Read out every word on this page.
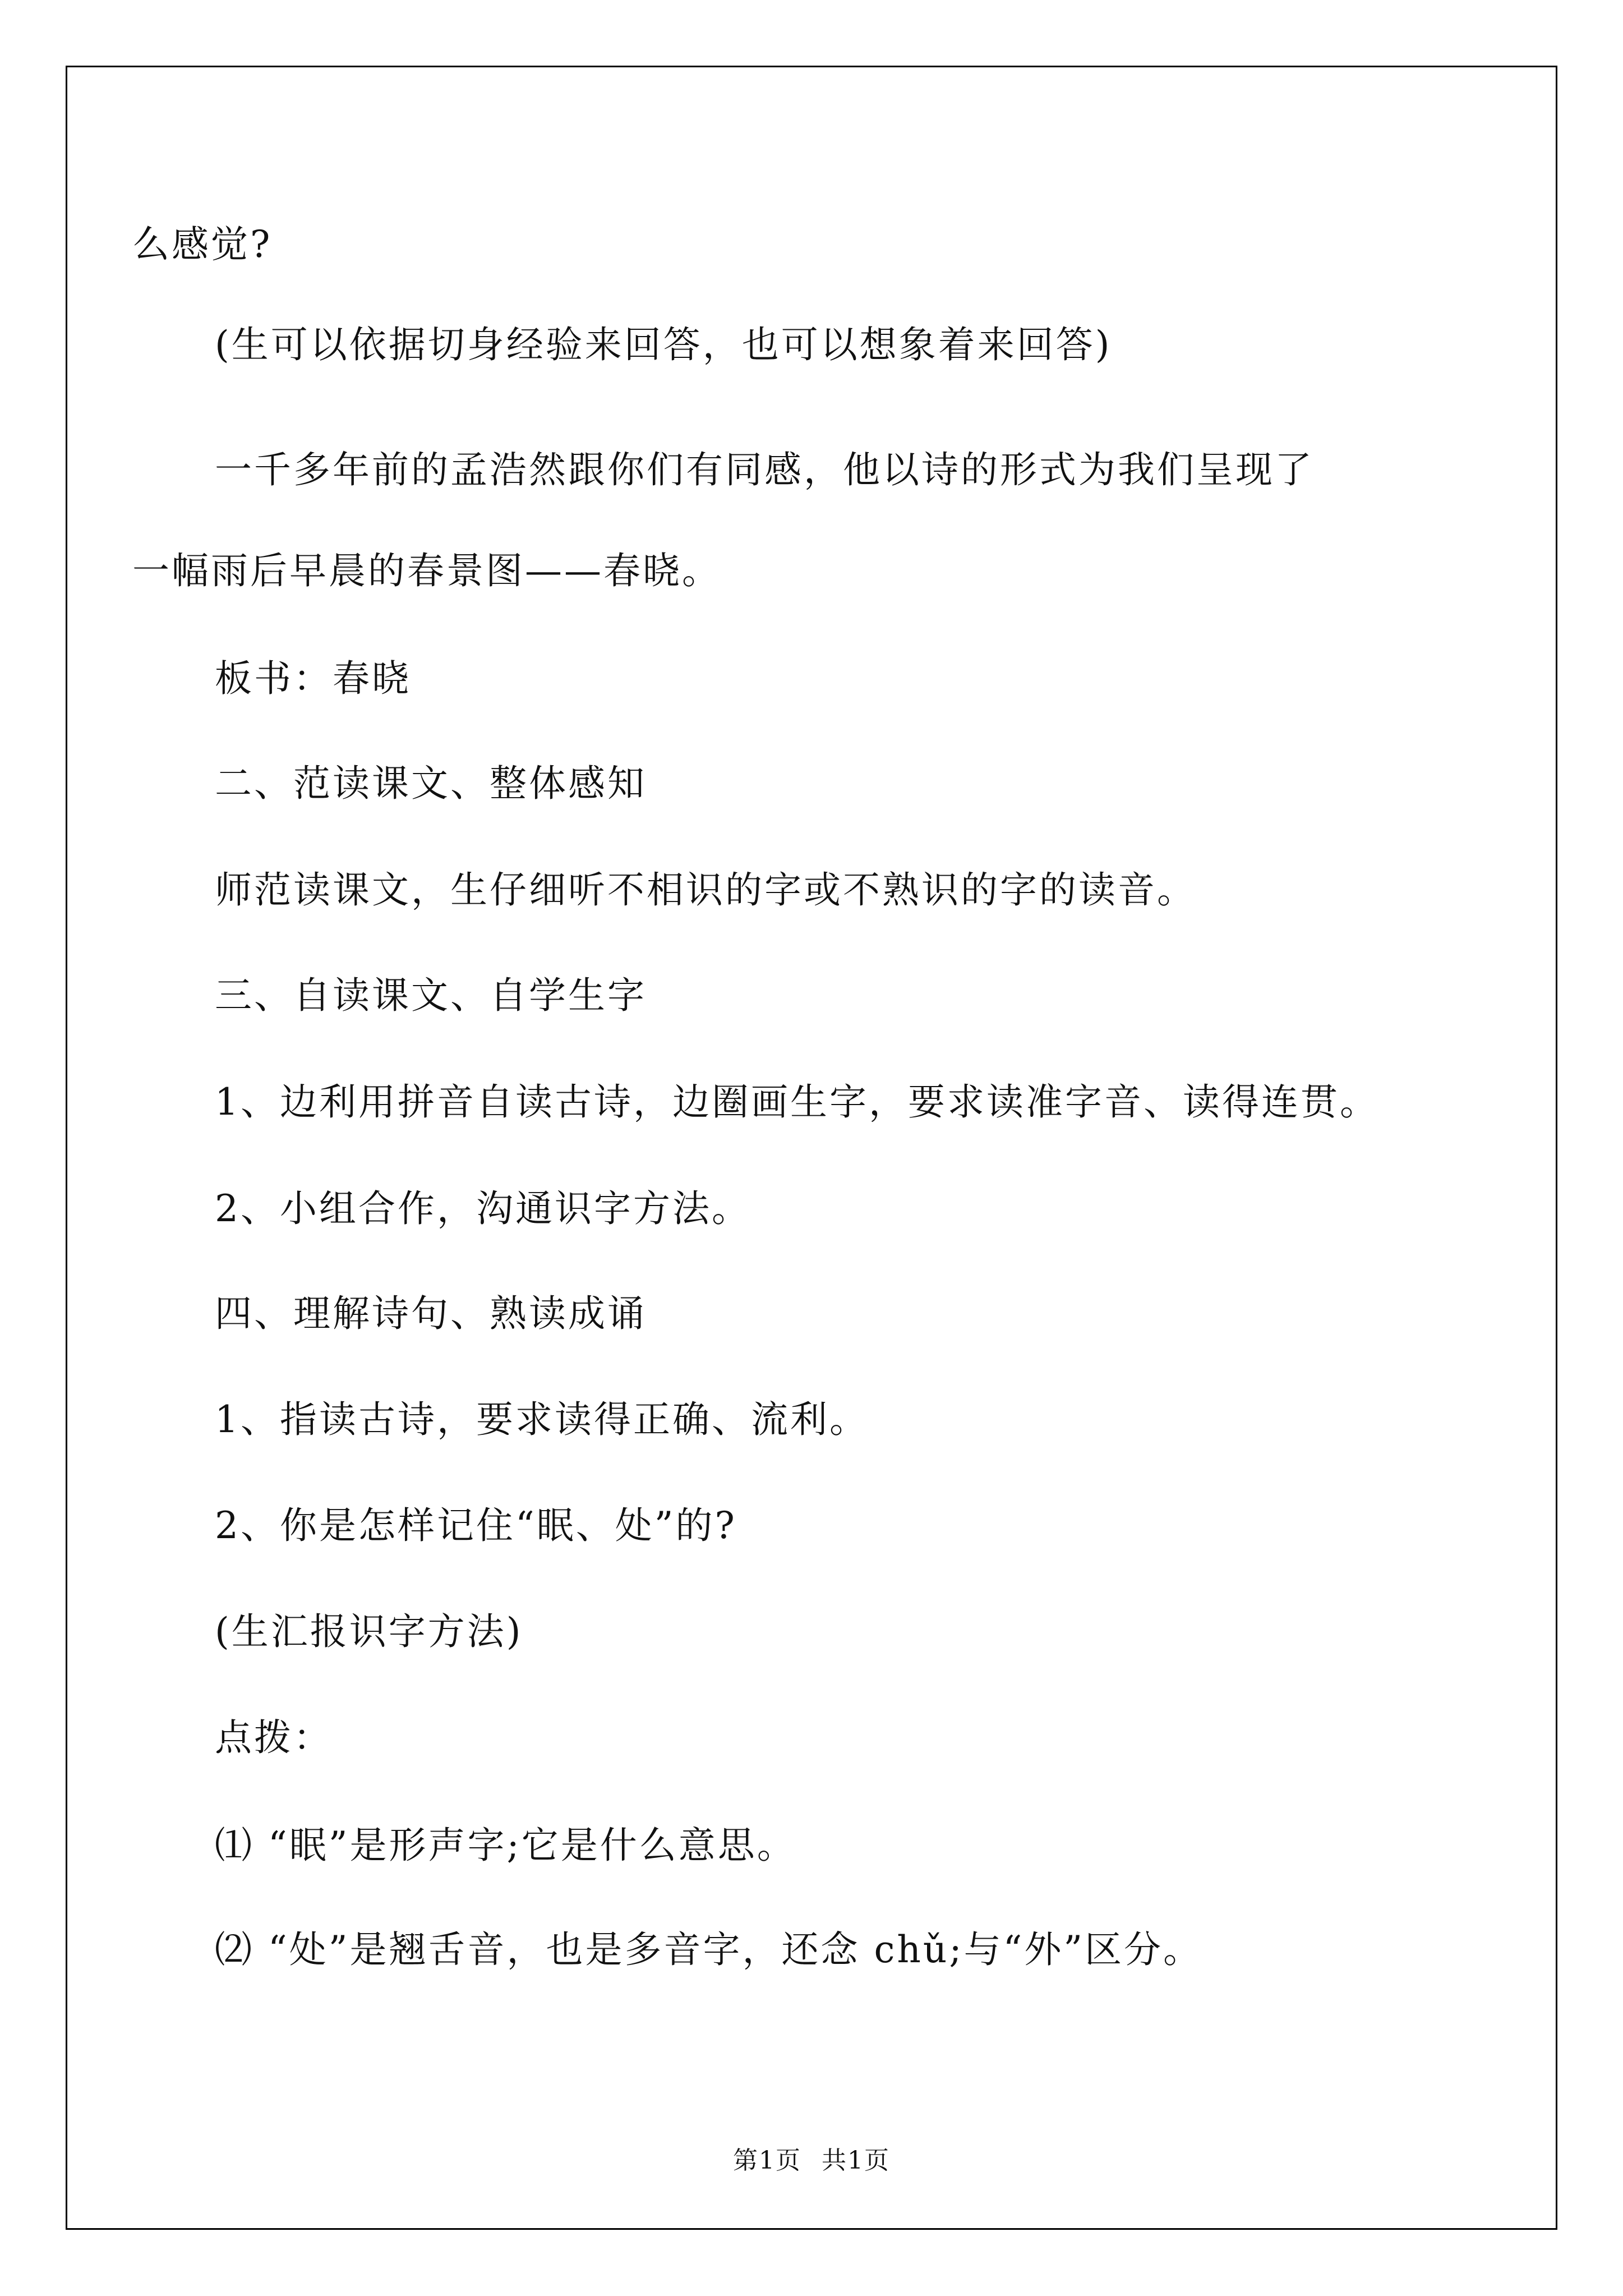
么感觉?
(生可以依据切身经验来回答，也可以想象着来回答)
一千多年前的孟浩然跟你们有同感，他以诗的形式为我们呈现了
一幅雨后早晨的春景图——春晓。
板书：春晓
二、范读课文、整体感知
师范读课文，生仔细听不相识的字或不熟识的字的读音。
三、自读课文、自学生字
1、边利用拼音自读古诗，边圈画生字，要求读准字音、读得连贯。
2、小组合作，沟通识字方法。
四、理解诗句、熟读成诵
1、指读古诗，要求读得正确、流利。
2、你是怎样记住“眠、处”的?
(生汇报识字方法)
点拨：
⑴ “眠”是形声字;它是什么意思。
⑵ “处”是翘舌音，也是多音字，还念 chǔ;与“外”区分。
第1页 共1页
